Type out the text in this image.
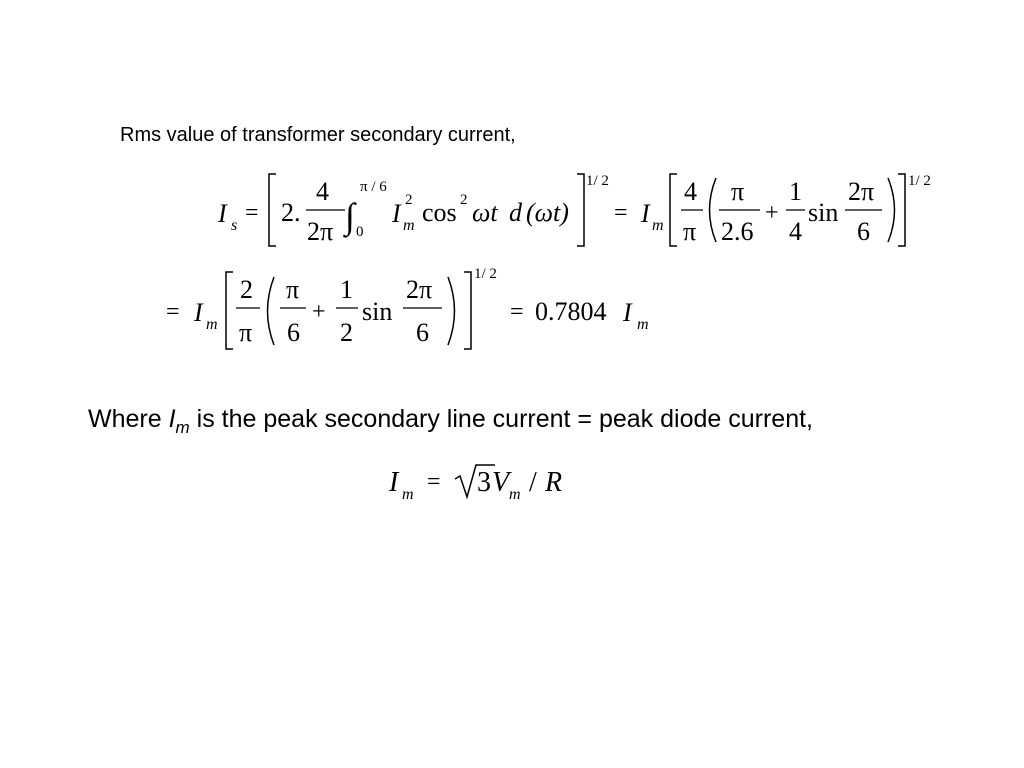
Rms value of transformer secondary current,
I s = 2.
4
2π ∫
π / 6
0
I 2
m cos 2 ωt d (ωt)
1/ 2
= I m
4
π
π
2.6
+
1
4
sin
2π
6
1/ 2
= I m
2
π
π
6
+
1
2
sin
2π
6
1/ 2
= 0.7804 I m
Where $I_m$ is the peak secondary line current = peak diode current,
I m = 3 V m / R
